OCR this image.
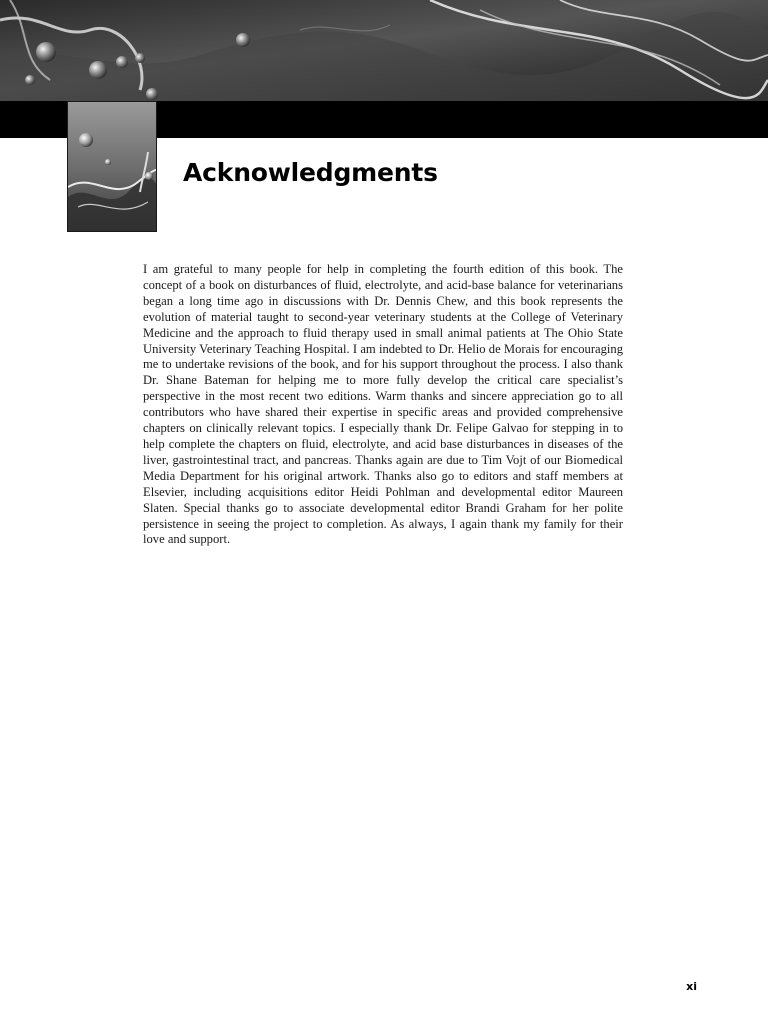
Acknowledgments

I am grateful to many people for help in completing the fourth edition of this book. The concept of a book on disturbances of fluid, electrolyte, and acid-base balance for veterinarians began a long time ago in discussions with Dr. Dennis Chew, and this book represents the evolution of material taught to second-year veterinary students at the College of Veterinary Medicine and the approach to fluid therapy used in small animal patients at The Ohio State University Veterinary Teaching Hospital. I am indebted to Dr. Helio de Morais for encouraging me to undertake revisions of the book, and for his support throughout the process. I also thank Dr. Shane Bateman for helping me to more fully develop the critical care specialist’s perspective in the most recent two editions. Warm thanks and sincere appreciation go to all contributors who have shared their expertise in specific areas and provided comprehensive chapters on clinically relevant topics. I especially thank Dr. Felipe Galvao for stepping in to help complete the chapters on fluid, electrolyte, and acid base disturbances in diseases of the liver, gastrointestinal tract, and pancreas. Thanks again are due to Tim Vojt of our Biomedical Media Department for his original artwork. Thanks also go to editors and staff members at Elsevier, including acquisitions editor Heidi Pohlman and developmental editor Maureen Slaten. Special thanks go to associate developmental editor Brandi Graham for her polite persistence in seeing the project to completion. As always, I again thank my family for their love and support.

xi
